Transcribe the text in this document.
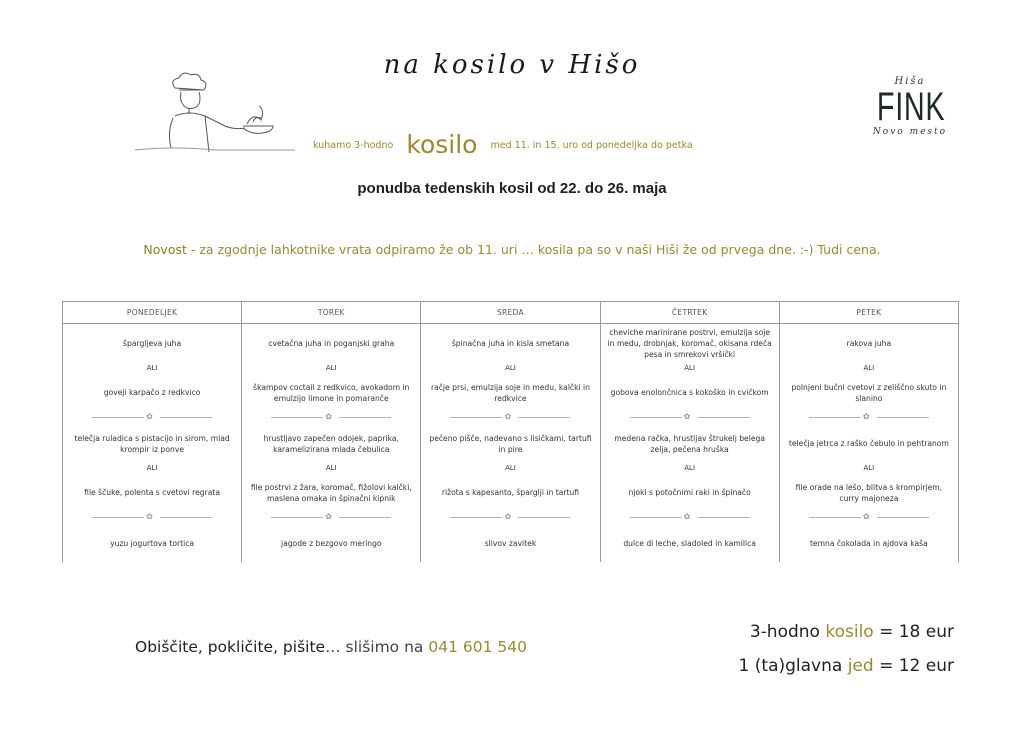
na kosilo v Hišo
Hiša
FINK
Novo mesto
kuhamo 3-hodno kosilo med 11. in 15. uro od ponedeljka do petka
ponudba tedenskih kosil od 22. do 26. maja
Novost - za zgodnje lahkotnike vrata odpiramo že ob 11. uri … kosila pa so v naši Hiši že od prvega dne. :-) Tudi cena.
PONEDELJEK	TOREK	SREDA	ČETRTEK	PETEK
špargljeva juha	cvetačna juha in poganjski graha	špinačna juha in kisla smetana	cheviche marinirane postrvi, emulzija soje in medu, drobnjak, koromač, okisana rdeča pesa in smrekovi vršički	rakova juha
ALI	ALI	ALI	ALI	ALI
goveji karpačo z redkvico	škampov coctail z redkvico, avokadom in emulzijo limone in pomaranče	račje prsi, emulzija soje in medu, kalčki in redkvice	gobova enolončnica s kokoško in cvičkom	polnjeni bučni cvetovi z zeliščno skuto in slanino

✿	✿	✿	✿	✿

telečja ruladica s pistacijo in sirom, mlad krompir iz ponve	hrustljavo zapečen odojek, paprika, karamelizirana mlada čebulica	pečeno pišče, nadevano s lisičkami, tartufi in pire	medena račka, hrustljav štrukelj belega zelja, pečena hruška	telečja jetrca z raško čebulo in pehtranom
ALI	ALI	ALI	ALI	ALI
file ščuke, polenta s cvetovi regrata	file postrvi z žara, koromač, fižolovi kalčki, maslena omaka in špinačni kipnik	rižota s kapesanto, šparglji in tartufi	njoki s potočnimi raki in špinačo	file orade na lešo, blitva s krompirjem, curry majoneza

✿	✿	✿	✿	✿

yuzu jogurtova tortica	jagode z bezgovo meringo	slivov zavitek	dulce di leche, sladoled in kamilica	temna čokolada in ajdova kaša
Obiščite, pokličite, pišite… slišimo na 041 601 540
3-hodno kosilo = 18 eur
1 (ta)glavna jed = 12 eur
